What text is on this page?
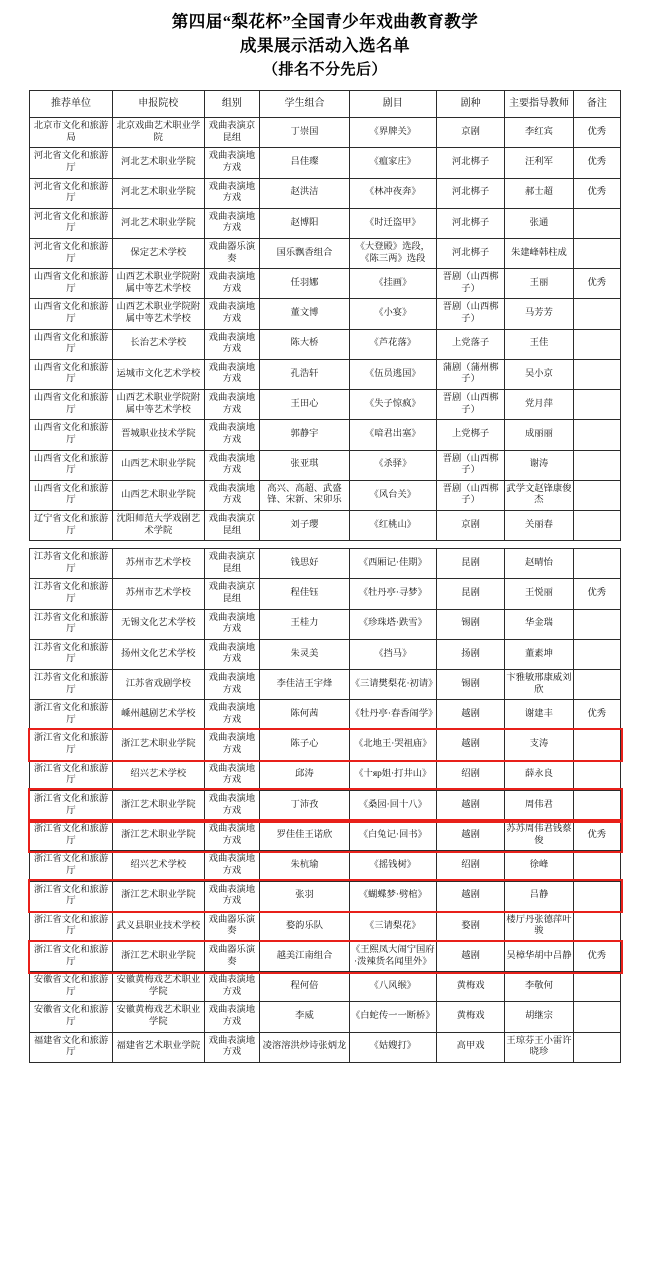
第四届“梨花杯”全国青少年戏曲教育教学
成果展示活动入选名单
（排名不分先后）
推荐单位	申报院校	组别	学生组合	剧目	剧种	主要指导教师	备注
北京市文化和旅游局	北京戏曲艺术职业学院	戏曲表演京昆组	丁崇国	《界牌关》	京剧	李红宾	优秀
河北省文化和旅游厅	河北艺术职业学院	戏曲表演地方戏	吕佳璨	《瘟家庄》	河北梆子	汪利军	优秀
河北省文化和旅游厅	河北艺术职业学院	戏曲表演地方戏	赵洪洁	《林冲夜奔》	河北梆子	郝士超	优秀
河北省文化和旅游厅	河北艺术职业学院	戏曲表演地方戏	赵博阳	《时迁盗甲》	河北梆子	张通	
河北省文化和旅游厅	保定艺术学校	戏曲器乐演奏	国乐飘香组合	《大登殿》选段，《陈三两》选段	河北梆子	朱建峰韩柱成	
山西省文化和旅游厅	山西艺术职业学院附属中等艺术学校	戏曲表演地方戏	任羽娜	《挂画》	晋剧（山西梆子）	王丽	优秀
山西省文化和旅游厅	山西艺术职业学院附属中等艺术学校	戏曲表演地方戏	董文博	《小宴》	晋剧（山西梆子）	马芳芳	
山西省文化和旅游厅	长治艺术学校	戏曲表演地方戏	陈大桥	《芦花落》	上党落子	王佳	
山西省文化和旅游厅	运城市文化艺术学校	戏曲表演地方戏	孔浩轩	《伍员逃国》	蒲剧（蒲州梆子）	吴小京	
山西省文化和旅游厅	山西艺术职业学院附属中等艺术学校	戏曲表演地方戏	王田心	《失子惊疯》	晋剧（山西梆子）	党月萍	
山西省文化和旅游厅	晋城职业技术学院	戏曲表演地方戏	郭静宇	《喑君出塞》	上党梆子	成丽丽	
山西省文化和旅游厅	山西艺术职业学院	戏曲表演地方戏	张亚琪	《杀驿》	晋剧（山西梆子）	谢涛	
山西省文化和旅游厅	山西艺术职业学院	戏曲表演地方戏	高兴、高超、武盛锋、宋新、宋卯乐	《风台关》	晋剧（山西梆子）	武学文赵锋康俊杰	
辽宁省文化和旅游厅	沈阳师范大学戏剧艺术学院	戏曲表演京昆组	刘子璎	《红桃山》	京剧	关丽春	

江苏省文化和旅游厅	苏州市艺术学校	戏曲表演京昆组	钱思好	《西厢记·佳期》	昆剧	赵晴怡	
江苏省文化和旅游厅	苏州市艺术学校	戏曲表演京昆组	程佳钰	《牡丹亭·寻梦》	昆剧	王悦丽	优秀
江苏省文化和旅游厅	无锡文化艺术学校	戏曲表演地方戏	王桂力	《珍珠塔·跌雪》	锡剧	华金瑞	
江苏省文化和旅游厅	扬州文化艺术学校	戏曲表演地方戏	朱灵美	《挡马》	扬剧	董素坤	
江苏省文化和旅游厅	江苏省戏剧学校	戏曲表演地方戏	李佳洁王宇烽	《三请樊梨花·初请》	锡剧	卞雅敏邢康威刘欣	
浙江省文化和旅游厅	嵊州越剧艺术学校	戏曲表演地方戏	陈何茜	《牡丹亭·春香闹学》	越剧	谢建丰	优秀
浙江省文化和旅游厅	浙江艺术职业学院	戏曲表演地方戏	陈子心	《北地王·哭祖庙》	越剧	支涛	
浙江省文化和旅游厅	绍兴艺术学校	戏曲表演地方戏	邱涛	《十яр姐·打井山》	绍剧	薛永良	
浙江省文化和旅游厅	浙江艺术职业学院	戏曲表演地方戏	丁沛孜	《桑园·回十八》	越剧	周伟君	
浙江省文化和旅游厅	浙江艺术职业学院	戏曲表演地方戏	罗佳佳王诺欣	《白兔记·回书》	越剧	苏苏周伟君钱蔡俊	优秀
浙江省文化和旅游厅	绍兴艺术学校	戏曲表演地方戏	朱杭瑜	《摇钱树》	绍剧	徐峰	
浙江省文化和旅游厅	浙江艺术职业学院	戏曲表演地方戏	张羽	《蝴蝶梦·劈棺》	越剧	吕静	
浙江省文化和旅游厅	武义县职业技术学校	戏曲器乐演奏	婺韵乐队	《三请梨花》	婺剧	楼厅丹张德萍叶骏	
浙江省文化和旅游厅	浙江艺术职业学院	戏曲器乐演奏	越美江南组合	《王熙凤大闹宁国府·泼辣货名闻里外》	越剧	吴樟华胡中吕静	优秀
安徽省文化和旅游厅	安徽黄梅戏艺术职业学院	戏曲表演地方戏	程何倍	《八风缑》	黄梅戏	李敬何	
安徽省文化和旅游厅	安徽黄梅戏艺术职业学院	戏曲表演地方戏	李威	《白蛇传一一断桥》	黄梅戏	胡继宗	
福建省文化和旅游厅	福建省艺术职业学院	戏曲表演地方戏	凌溶溶洪炒诗张炳龙	《姑嫂打》	高甲戏	王琼芬王小雷许晓珍	
